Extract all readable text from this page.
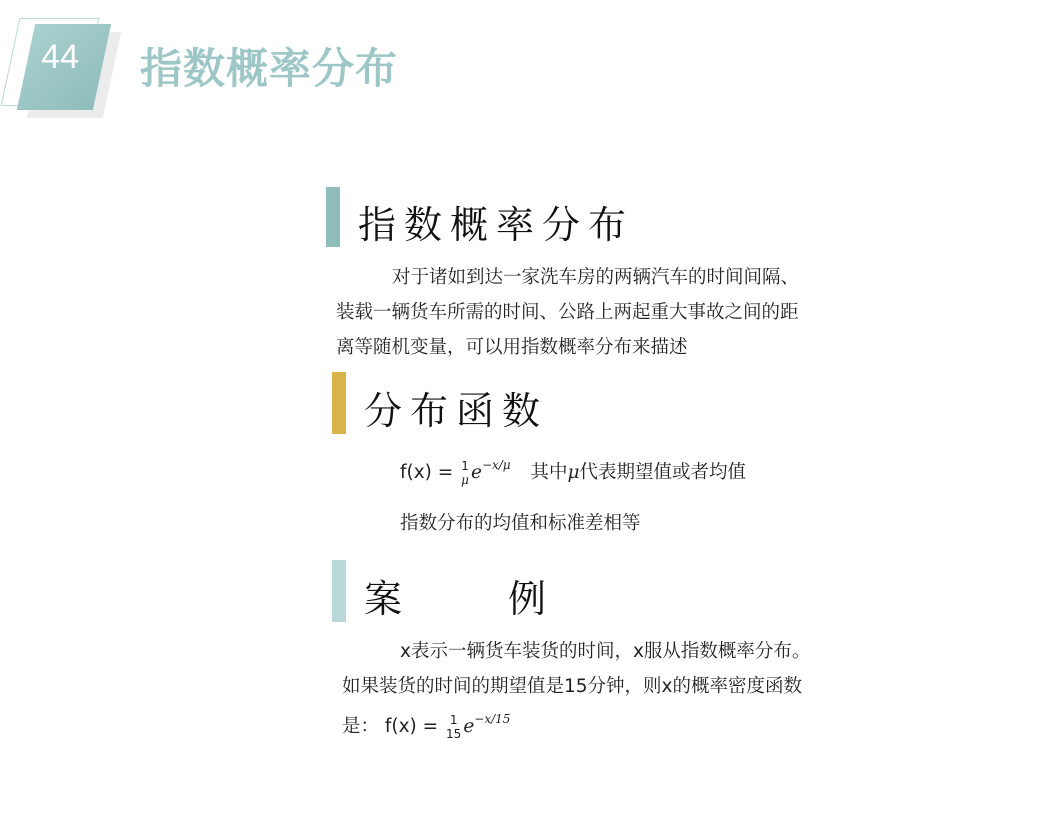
44	指数概率分布
指数概率分布
对于诸如到达一家洗车房的两辆汽车的时间间隔、
装载一辆货车所需的时间、公路上两起重大事故之间的距
离等随机变量，可以用指数概率分布来描述
分布函数
f(x) = 1
μ $e^{-x/\mu}$ 其中μ代表期望值或者均值
指数分布的均值和标准差相等
案	例
x表示一辆货车装货的时间，x服从指数概率分布。
如果装货的时间的期望值是15分钟，则x的概率密度函数
是： f(x) = 1
15 $e^{-x/15}$
